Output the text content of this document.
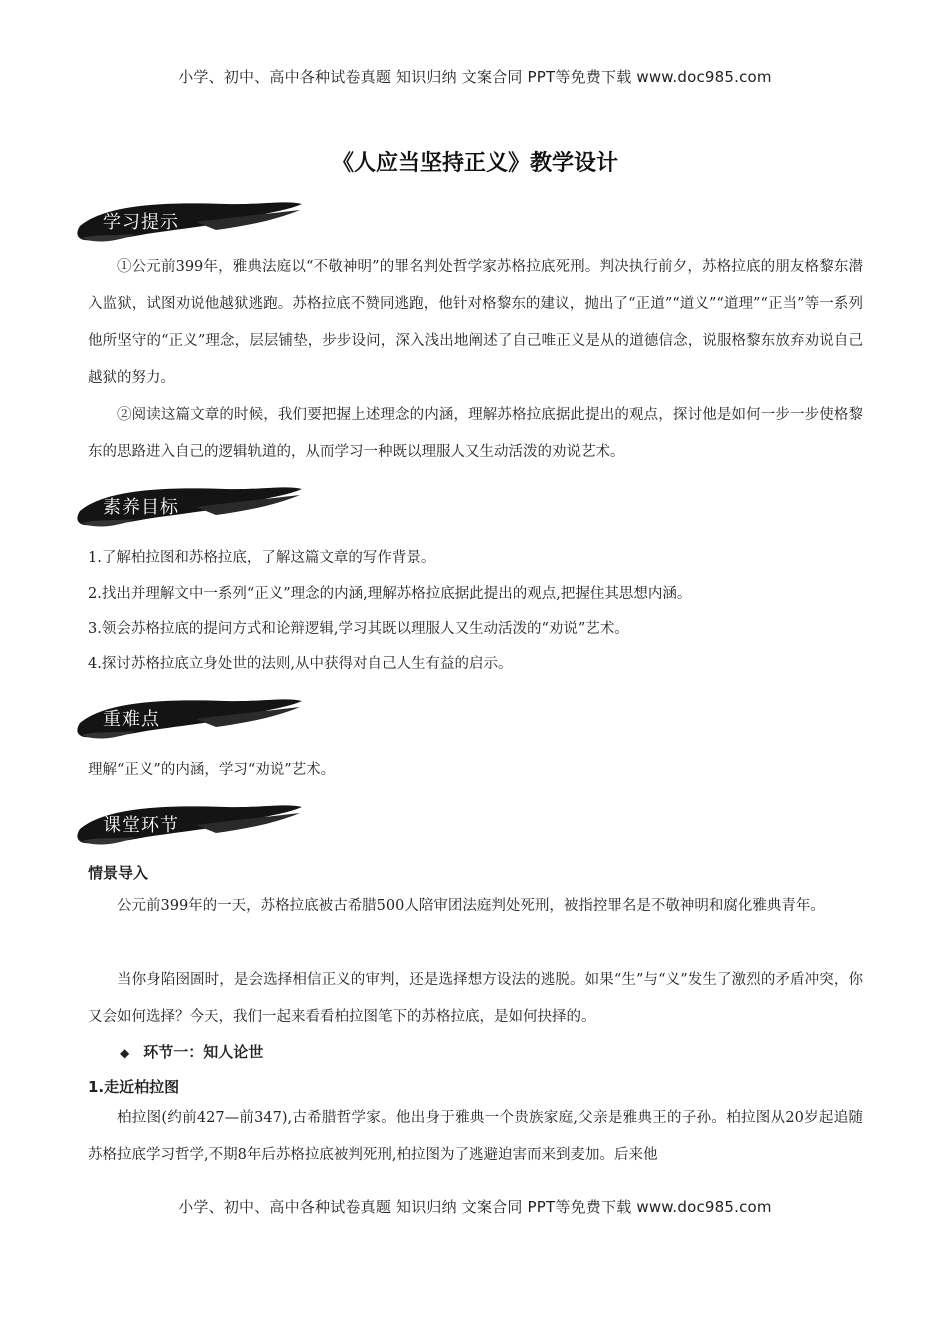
小学、初中、高中各种试卷真题 知识归纳 文案合同 PPT等免费下载 www.doc985.com
《人应当坚持正义》教学设计
学习提示

①公元前399年，雅典法庭以“不敬神明”的罪名判处哲学家苏格拉底死刑。判决执行前夕，苏格拉底的朋友格黎东潜入监狱，试图劝说他越狱逃跑。苏格拉底不赞同逃跑，他针对格黎东的建议，抛出了“正道”“道义”“道理”“正当”等一系列他所坚守的“正义”理念，层层铺垫，步步设问，深入浅出地阐述了自己唯正义是从的道德信念，说服格黎东放弃劝说自己越狱的努力。

②阅读这篇文章的时候，我们要把握上述理念的内涵，理解苏格拉底据此提出的观点，探讨他是如何一步一步使格黎东的思路进入自己的逻辑轨道的，从而学习一种既以理服人又生动活泼的劝说艺术。

素养目标

1.了解柏拉图和苏格拉底，了解这篇文章的写作背景。

2.找出并理解文中一系列“正义”理念的内涵,理解苏格拉底据此提出的观点,把握住其思想内涵。

3.领会苏格拉底的提问方式和论辩逻辑,学习其既以理服人又生动活泼的“劝说”艺术。

4.探讨苏格拉底立身处世的法则,从中获得对自己人生有益的启示。

重难点

理解“正义”的内涵，学习“劝说”艺术。

课堂环节

情景导入

公元前399年的一天，苏格拉底被古希腊500人陪审团法庭判处死刑，被指控罪名是不敬神明和腐化雅典青年。

当你身陷囹圄时，是会选择相信正义的审判，还是选择想方设法的逃脱。如果“生”与“义”发生了激烈的矛盾冲突，你又会如何选择？今天，我们一起来看看柏拉图笔下的苏格拉底，是如何抉择的。

◆ 环节一：知人论世

1.走近柏拉图

柏拉图(约前427—前347),古希腊哲学家。他出身于雅典一个贵族家庭,父亲是雅典王的子孙。柏拉图从20岁起追随苏格拉底学习哲学,不期8年后苏格拉底被判死刑,柏拉图为了逃避迫害而来到麦加。后来他

小学、初中、高中各种试卷真题 知识归纳 文案合同 PPT等免费下载 www.doc985.com
